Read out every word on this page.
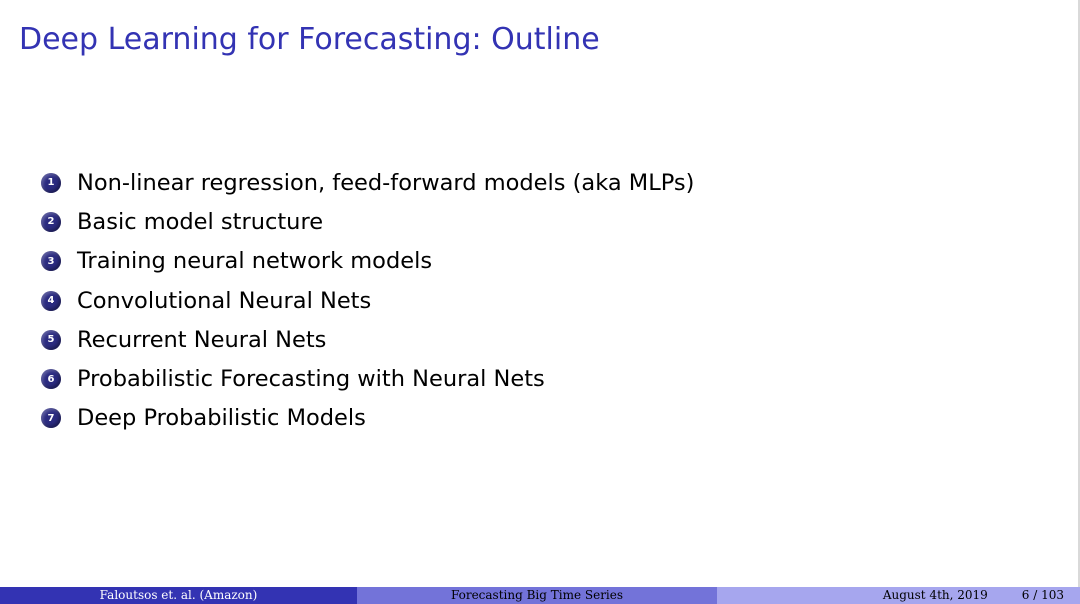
Deep Learning for Forecasting: Outline
1 Non-linear regression, feed-forward models (aka MLPs)
2 Basic model structure
3 Training neural network models
4 Convolutional Neural Nets
5 Recurrent Neural Nets
6 Probabilistic Forecasting with Neural Nets
7 Deep Probabilistic Models
Faloutsos et. al. (Amazon)	Forecasting Big Time Series	August 4th, 2019	6 / 103
